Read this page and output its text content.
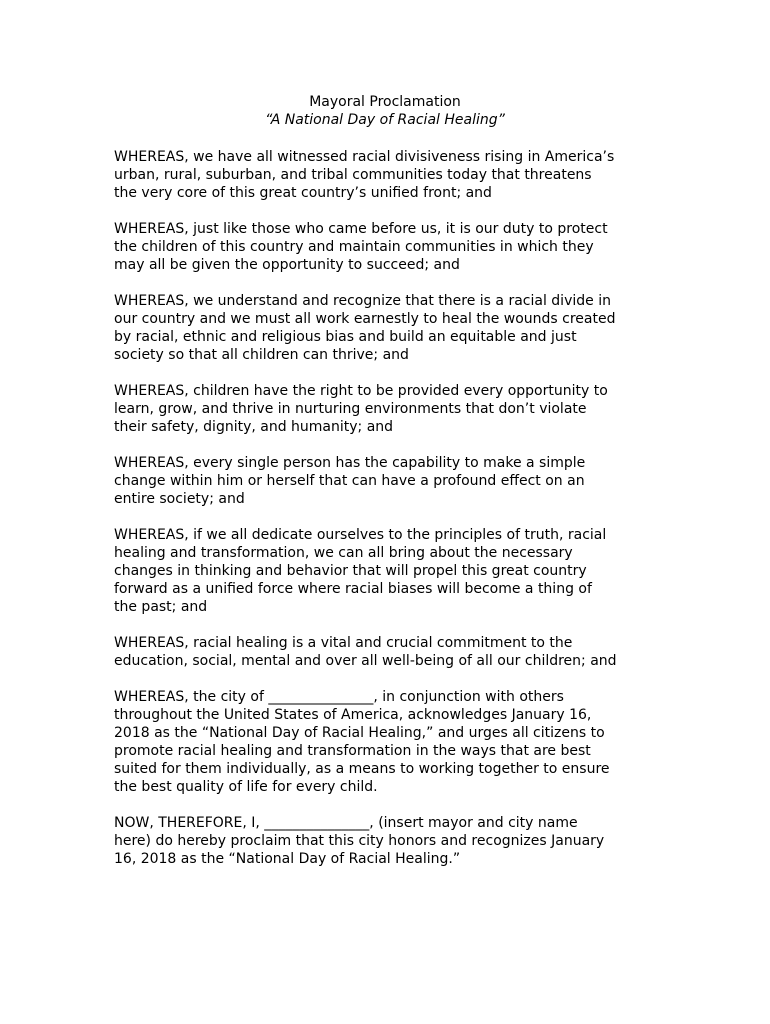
Mayoral Proclamation
“A National Day of Racial Healing”

WHEREAS, we have all witnessed racial divisiveness rising in America’s
urban, rural, suburban, and tribal communities today that threatens
the very core of this great country’s unified front; and

WHEREAS, just like those who came before us, it is our duty to protect
the children of this country and maintain communities in which they
may all be given the opportunity to succeed; and

WHEREAS, we understand and recognize that there is a racial divide in
our country and we must all work earnestly to heal the wounds created
by racial, ethnic and religious bias and build an equitable and just
society so that all children can thrive; and

WHEREAS, children have the right to be provided every opportunity to
learn, grow, and thrive in nurturing environments that don’t violate
their safety, dignity, and humanity; and

WHEREAS, every single person has the capability to make a simple
change within him or herself that can have a profound effect on an
entire society; and

WHEREAS, if we all dedicate ourselves to the principles of truth, racial
healing and transformation, we can all bring about the necessary
changes in thinking and behavior that will propel this great country
forward as a unified force where racial biases will become a thing of
the past; and

WHEREAS, racial healing is a vital and crucial commitment to the
education, social, mental and over all well-being of all our children; and

WHEREAS, the city of _______________, in conjunction with others
throughout the United States of America, acknowledges January 16,
2018 as the “National Day of Racial Healing,” and urges all citizens to
promote racial healing and transformation in the ways that are best
suited for them individually, as a means to working together to ensure
the best quality of life for every child.

NOW, THEREFORE, I, _______________, (insert mayor and city name
here) do hereby proclaim that this city honors and recognizes January
16, 2018 as the “National Day of Racial Healing.”
